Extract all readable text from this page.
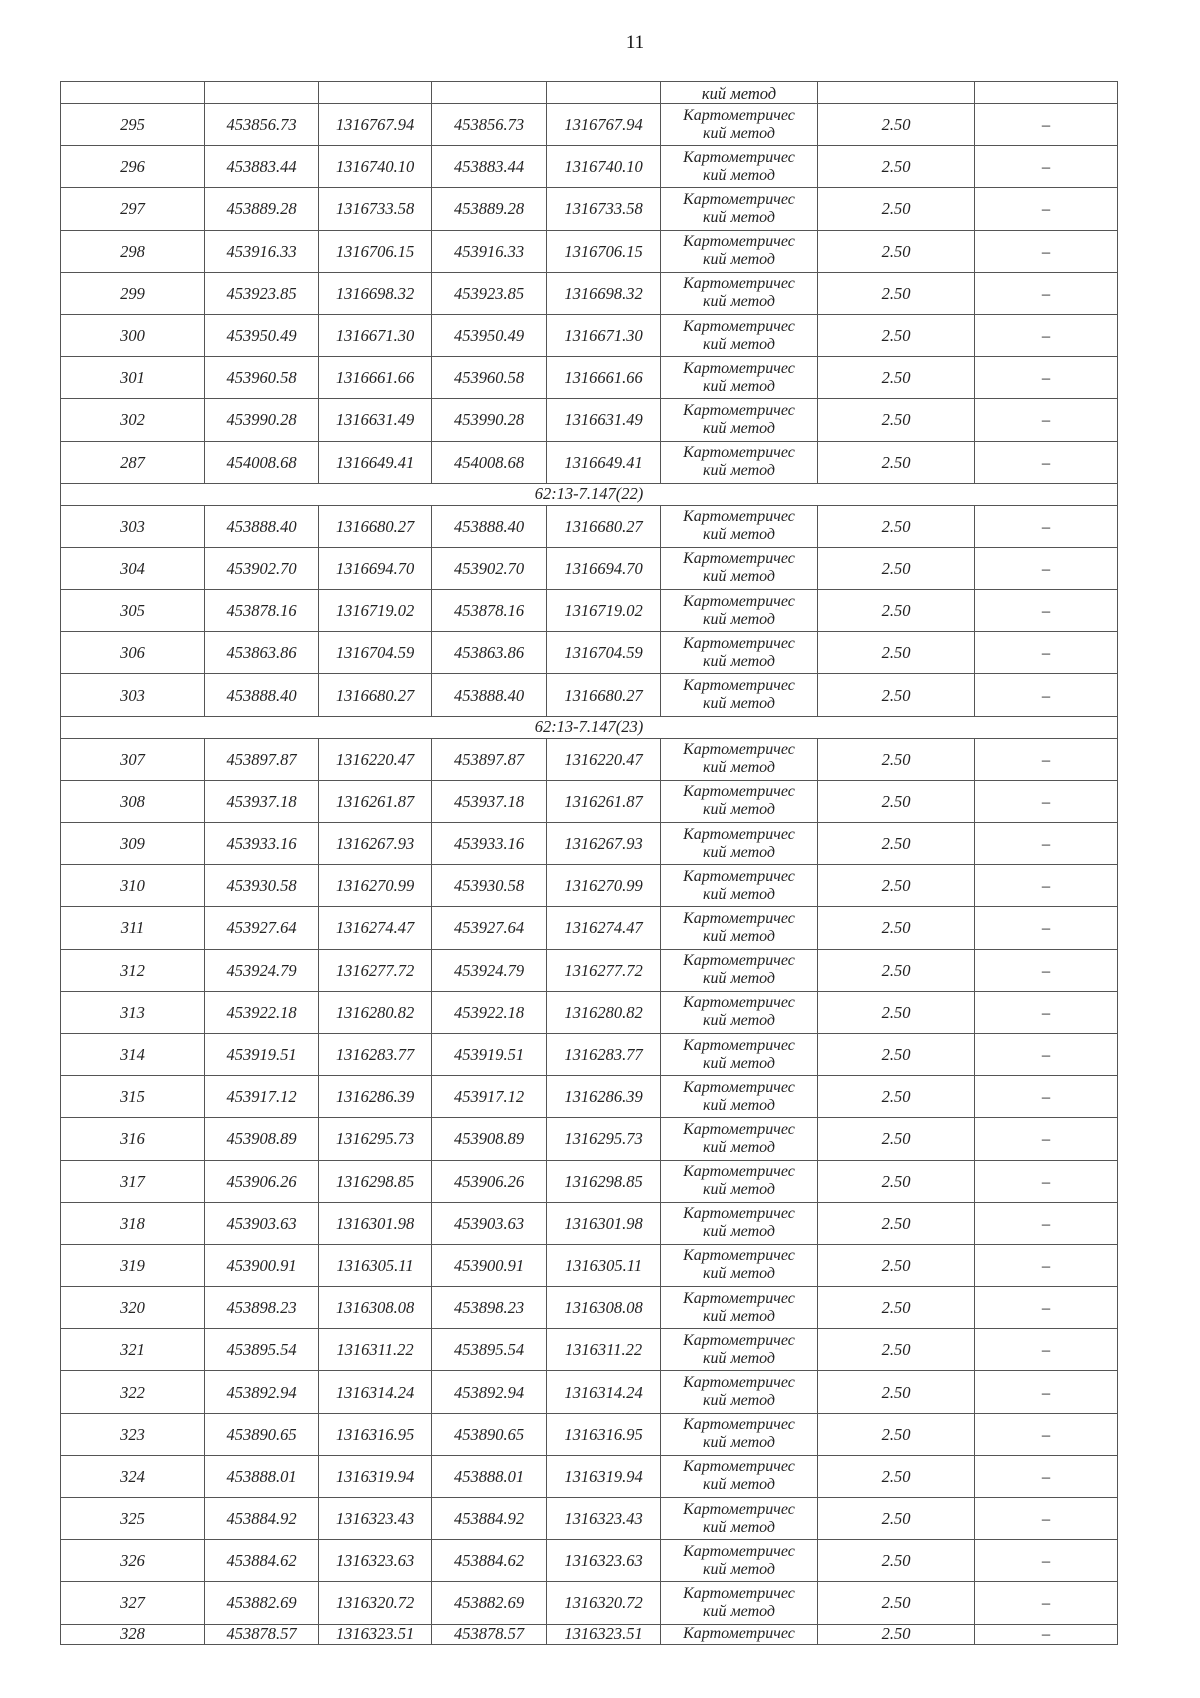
11
					кий метод		
295	453856.73	1316767.94	453856.73	1316767.94	Картометричес
кий метод	2.50	–
296	453883.44	1316740.10	453883.44	1316740.10	Картометричес
кий метод	2.50	–
297	453889.28	1316733.58	453889.28	1316733.58	Картометричес
кий метод	2.50	–
298	453916.33	1316706.15	453916.33	1316706.15	Картометричес
кий метод	2.50	–
299	453923.85	1316698.32	453923.85	1316698.32	Картометричес
кий метод	2.50	–
300	453950.49	1316671.30	453950.49	1316671.30	Картометричес
кий метод	2.50	–
301	453960.58	1316661.66	453960.58	1316661.66	Картометричес
кий метод	2.50	–
302	453990.28	1316631.49	453990.28	1316631.49	Картометричес
кий метод	2.50	–
287	454008.68	1316649.41	454008.68	1316649.41	Картометричес
кий метод	2.50	–
62:13-7.147(22)							
303	453888.40	1316680.27	453888.40	1316680.27	Картометричес
кий метод	2.50	–
304	453902.70	1316694.70	453902.70	1316694.70	Картометричес
кий метод	2.50	–
305	453878.16	1316719.02	453878.16	1316719.02	Картометричес
кий метод	2.50	–
306	453863.86	1316704.59	453863.86	1316704.59	Картометричес
кий метод	2.50	–
303	453888.40	1316680.27	453888.40	1316680.27	Картометричес
кий метод	2.50	–
62:13-7.147(23)							
307	453897.87	1316220.47	453897.87	1316220.47	Картометричес
кий метод	2.50	–
308	453937.18	1316261.87	453937.18	1316261.87	Картометричес
кий метод	2.50	–
309	453933.16	1316267.93	453933.16	1316267.93	Картометричес
кий метод	2.50	–
310	453930.58	1316270.99	453930.58	1316270.99	Картометричес
кий метод	2.50	–
311	453927.64	1316274.47	453927.64	1316274.47	Картометричес
кий метод	2.50	–
312	453924.79	1316277.72	453924.79	1316277.72	Картометричес
кий метод	2.50	–
313	453922.18	1316280.82	453922.18	1316280.82	Картометричес
кий метод	2.50	–
314	453919.51	1316283.77	453919.51	1316283.77	Картометричес
кий метод	2.50	–
315	453917.12	1316286.39	453917.12	1316286.39	Картометричес
кий метод	2.50	–
316	453908.89	1316295.73	453908.89	1316295.73	Картометричес
кий метод	2.50	–
317	453906.26	1316298.85	453906.26	1316298.85	Картометричес
кий метод	2.50	–
318	453903.63	1316301.98	453903.63	1316301.98	Картометричес
кий метод	2.50	–
319	453900.91	1316305.11	453900.91	1316305.11	Картометричес
кий метод	2.50	–
320	453898.23	1316308.08	453898.23	1316308.08	Картометричес
кий метод	2.50	–
321	453895.54	1316311.22	453895.54	1316311.22	Картометричес
кий метод	2.50	–
322	453892.94	1316314.24	453892.94	1316314.24	Картометричес
кий метод	2.50	–
323	453890.65	1316316.95	453890.65	1316316.95	Картометричес
кий метод	2.50	–
324	453888.01	1316319.94	453888.01	1316319.94	Картометричес
кий метод	2.50	–
325	453884.92	1316323.43	453884.92	1316323.43	Картометричес
кий метод	2.50	–
326	453884.62	1316323.63	453884.62	1316323.63	Картометричес
кий метод	2.50	–
327	453882.69	1316320.72	453882.69	1316320.72	Картометричес
кий метод	2.50	–
328	453878.57	1316323.51	453878.57	1316323.51	Картометричес	2.50	–
